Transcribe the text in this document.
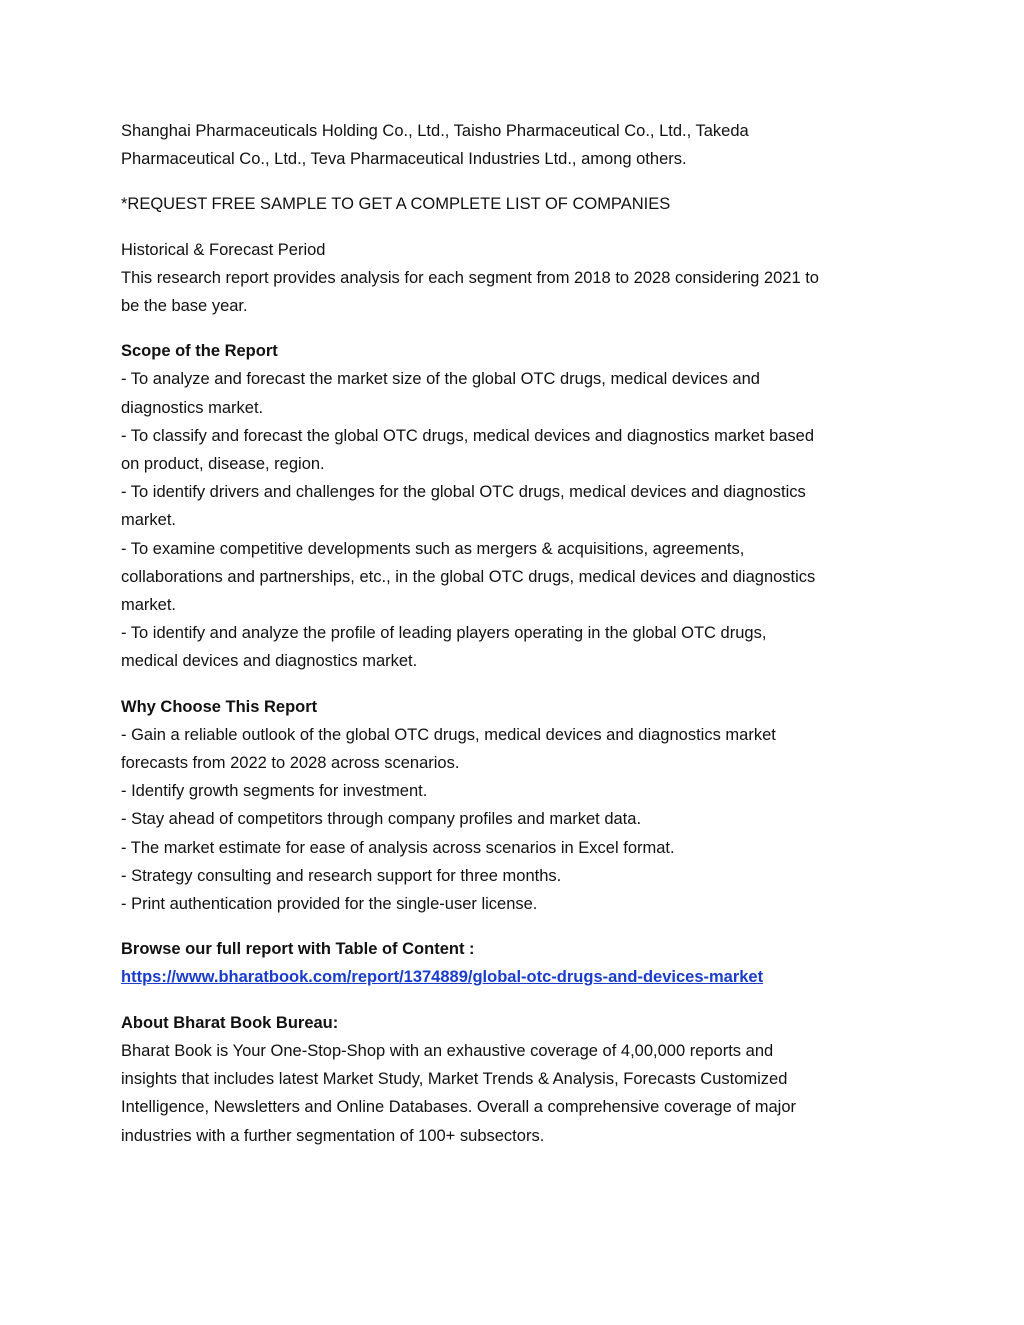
Shanghai Pharmaceuticals Holding Co., Ltd., Taisho Pharmaceutical Co., Ltd., Takeda
Pharmaceutical Co., Ltd., Teva Pharmaceutical Industries Ltd., among others.
*REQUEST FREE SAMPLE TO GET A COMPLETE LIST OF COMPANIES
Historical & Forecast Period
This research report provides analysis for each segment from 2018 to 2028 considering 2021 to
be the base year.
Scope of the Report
- To analyze and forecast the market size of the global OTC drugs, medical devices and
diagnostics market.
- To classify and forecast the global OTC drugs, medical devices and diagnostics market based
on product, disease, region.
- To identify drivers and challenges for the global OTC drugs, medical devices and diagnostics
market.
- To examine competitive developments such as mergers & acquisitions, agreements,
collaborations and partnerships, etc., in the global OTC drugs, medical devices and diagnostics
market.
- To identify and analyze the profile of leading players operating in the global OTC drugs,
medical devices and diagnostics market.
Why Choose This Report
- Gain a reliable outlook of the global OTC drugs, medical devices and diagnostics market
forecasts from 2022 to 2028 across scenarios.
- Identify growth segments for investment.
- Stay ahead of competitors through company profiles and market data.
- The market estimate for ease of analysis across scenarios in Excel format.
- Strategy consulting and research support for three months.
- Print authentication provided for the single-user license.
Browse our full report with Table of Content :
https://www.bharatbook.com/report/1374889/global-otc-drugs-and-devices-market
About Bharat Book Bureau:
Bharat Book is Your One-Stop-Shop with an exhaustive coverage of 4,00,000 reports and
insights that includes latest Market Study, Market Trends & Analysis, Forecasts Customized
Intelligence, Newsletters and Online Databases. Overall a comprehensive coverage of major
industries with a further segmentation of 100+ subsectors.
